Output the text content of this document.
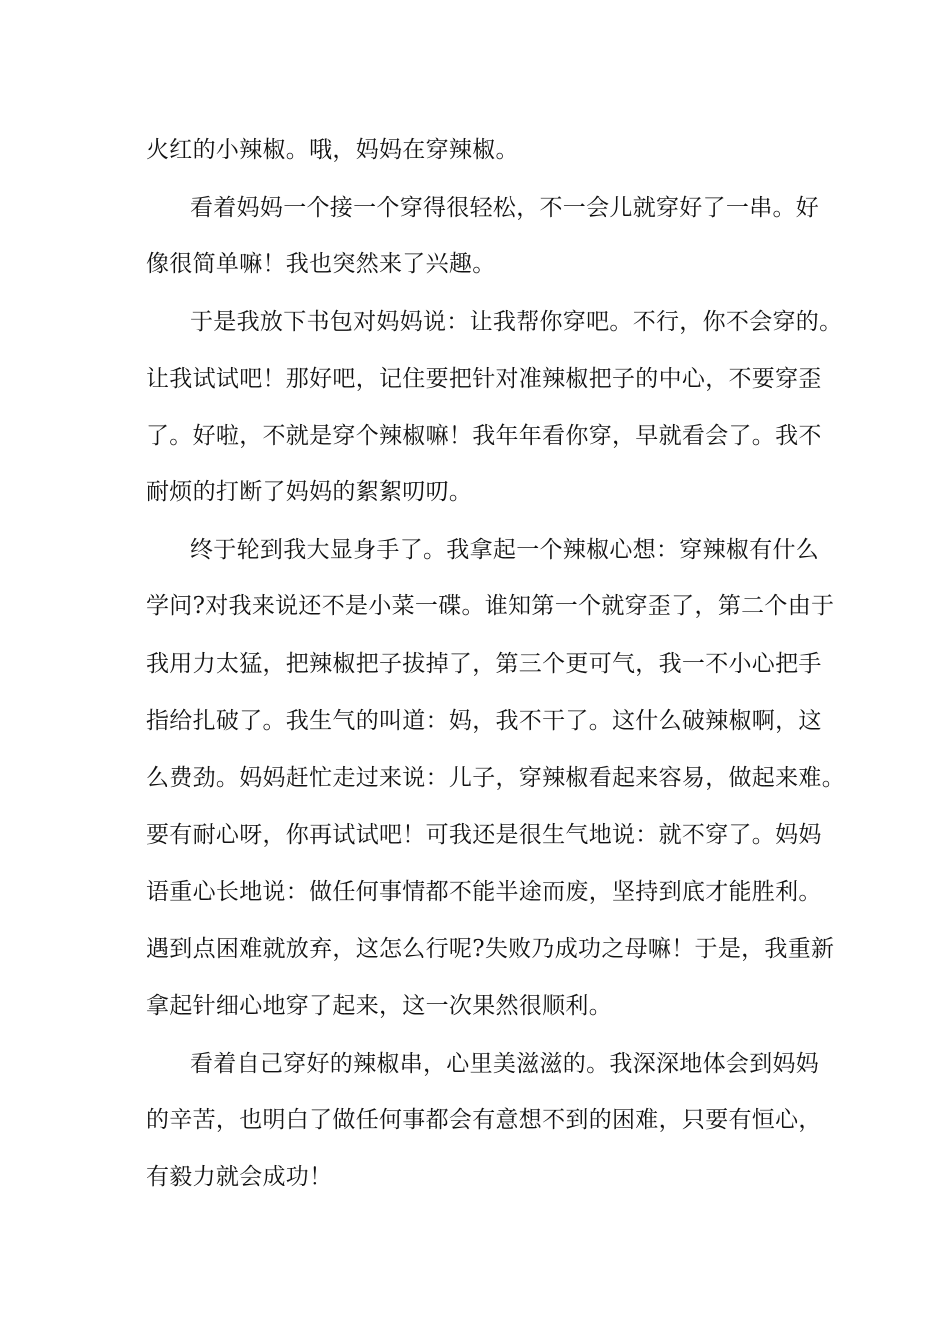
火红的小辣椒。哦，妈妈在穿辣椒。
看着妈妈一个接一个穿得很轻松，不一会儿就穿好了一串。好
像很简单嘛！我也突然来了兴趣。
于是我放下书包对妈妈说：让我帮你穿吧。不行，你不会穿的。
让我试试吧！那好吧，记住要把针对准辣椒把子的中心，不要穿歪
了。好啦，不就是穿个辣椒嘛！我年年看你穿，早就看会了。我不
耐烦的打断了妈妈的絮絮叨叨。
终于轮到我大显身手了。我拿起一个辣椒心想：穿辣椒有什么
学问?对我来说还不是小菜一碟。谁知第一个就穿歪了，第二个由于
我用力太猛，把辣椒把子拔掉了，第三个更可气，我一不小心把手
指给扎破了。我生气的叫道：妈，我不干了。这什么破辣椒啊，这
么费劲。妈妈赶忙走过来说：儿子，穿辣椒看起来容易，做起来难。
要有耐心呀，你再试试吧！可我还是很生气地说：就不穿了。妈妈
语重心长地说：做任何事情都不能半途而废，坚持到底才能胜利。
遇到点困难就放弃，这怎么行呢?失败乃成功之母嘛！于是，我重新
拿起针细心地穿了起来，这一次果然很顺利。
看着自己穿好的辣椒串，心里美滋滋的。我深深地体会到妈妈
的辛苦，也明白了做任何事都会有意想不到的困难，只要有恒心，
有毅力就会成功！
